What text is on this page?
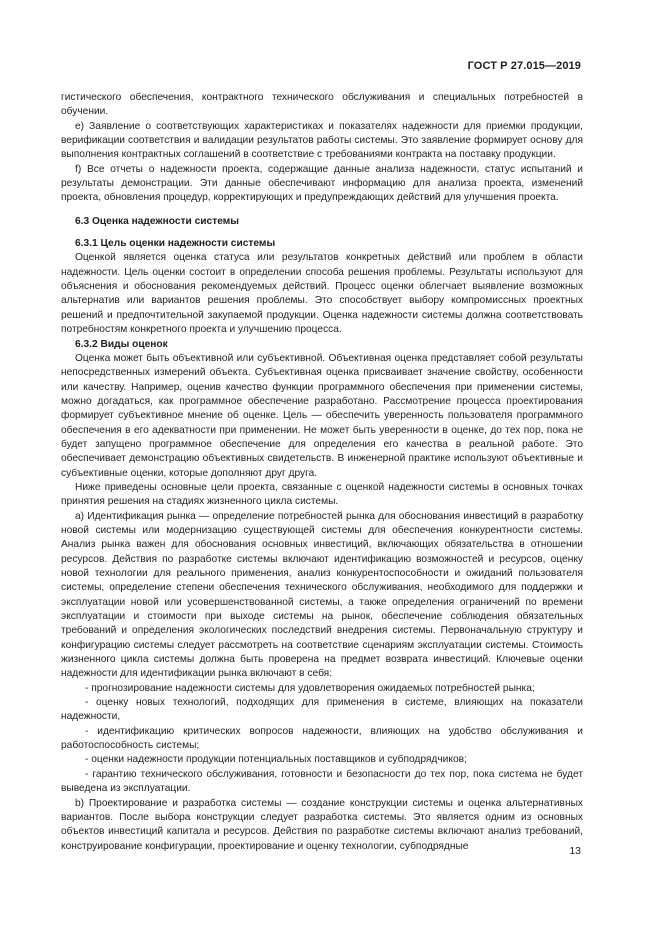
ГОСТ Р 27.015—2019

гистического обеспечения, контрактного технического обслуживания и специальных потребностей в обучении.

e) Заявление о соответствующих характеристиках и показателях надежности для приемки продукции, верификации соответствия и валидации результатов работы системы. Это заявление формирует основу для выполнения контрактных соглашений в соответствие с требованиями контракта на поставку продукции.

f) Все отчеты о надежности проекта, содержащие данные анализа надежности, статус испытаний и результаты демонстрации. Эти данные обеспечивают информацию для анализа проекта, изменений проекта, обновления процедур, корректирующих и предупреждающих действий для улучшения проекта.

6.3 Оценка надежности системы
6.3.1 Цель оценки надежности системы

Оценкой является оценка статуса или результатов конкретных действий или проблем в области надежности. Цель оценки состоит в определении способа решения проблемы. Результаты используют для объяснения и обоснования рекомендуемых действий. Процесс оценки облегчает выявление возможных альтернатив или вариантов решения проблемы. Это способствует выбору компромиссных проектных решений и предпочтительной закупаемой продукции. Оценка надежности системы должна соответствовать потребностям конкретного проекта и улучшению процесса.

6.3.2 Виды оценок

Оценка может быть объективной или субъективной. Объективная оценка представляет собой результаты непосредственных измерений объекта. Субъективная оценка присваивает значение свойству, особенности или качеству. Например, оценив качество функции программного обеспечения при применении системы, можно догадаться, как программное обеспечение разработано. Рассмотрение процесса проектирования формирует субъективное мнение об оценке. Цель — обеспечить уверенность пользователя программного обеспечения в его адекватности при применении. Не может быть уверенности в оценке, до тех пор, пока не будет запущено программное обеспечение для определения его качества в реальной работе. Это обеспечивает демонстрацию объективных свидетельств. В инженерной практике используют объективные и субъективные оценки, которые дополняют друг друга.

Ниже приведены основные цели проекта, связанные с оценкой надежности системы в основных точках принятия решения на стадиях жизненного цикла системы.

a) Идентификация рынка — определение потребностей рынка для обоснования инвестиций в разработку новой системы или модернизацию существующей системы для обеспечения конкурентности системы. Анализ рынка важен для обоснования основных инвестиций, включающих обязательства в отношении ресурсов. Действия по разработке системы включают идентификацию возможностей и ресурсов, оценку новой технологии для реального применения, анализ конкурентоспособности и ожиданий пользователя системы, определение степени обеспечения технического обслуживания, необходимого для поддержки и эксплуатации новой или усовершенствованной системы, а также определения ограничений по времени эксплуатации и стоимости при выходе системы на рынок, обеспечение соблюдения обязательных требований и определения экологических последствий внедрения системы. Первоначальную структуру и конфигурацию системы следует рассмотреть на соответствие сценариям эксплуатации системы. Стоимость жизненного цикла системы должна быть проверена на предмет возврата инвестиций. Ключевые оценки надежности для идентификации рынка включают в себя:

- прогнозирование надежности системы для удовлетворения ожидаемых потребностей рынка;

- оценку новых технологий, подходящих для применения в системе, влияющих на показатели надежности,

- идентификацию критических вопросов надежности, влияющих на удобство обслуживания и работоспособность системы;

- оценки надежности продукции потенциальных поставщиков и субподрядчиков;

- гарантию технического обслуживания, готовности и безопасности до тех пор, пока система не будет выведена из эксплуатации.

b) Проектирование и разработка системы — создание конструкции системы и оценка альтернативных вариантов. После выбора конструкции следует разработка системы. Это является одним из основных объектов инвестиций капитала и ресурсов. Действия по разработке системы включают анализ требований, конструирование конфигурации, проектирование и оценку технологии, субподрядные	13
